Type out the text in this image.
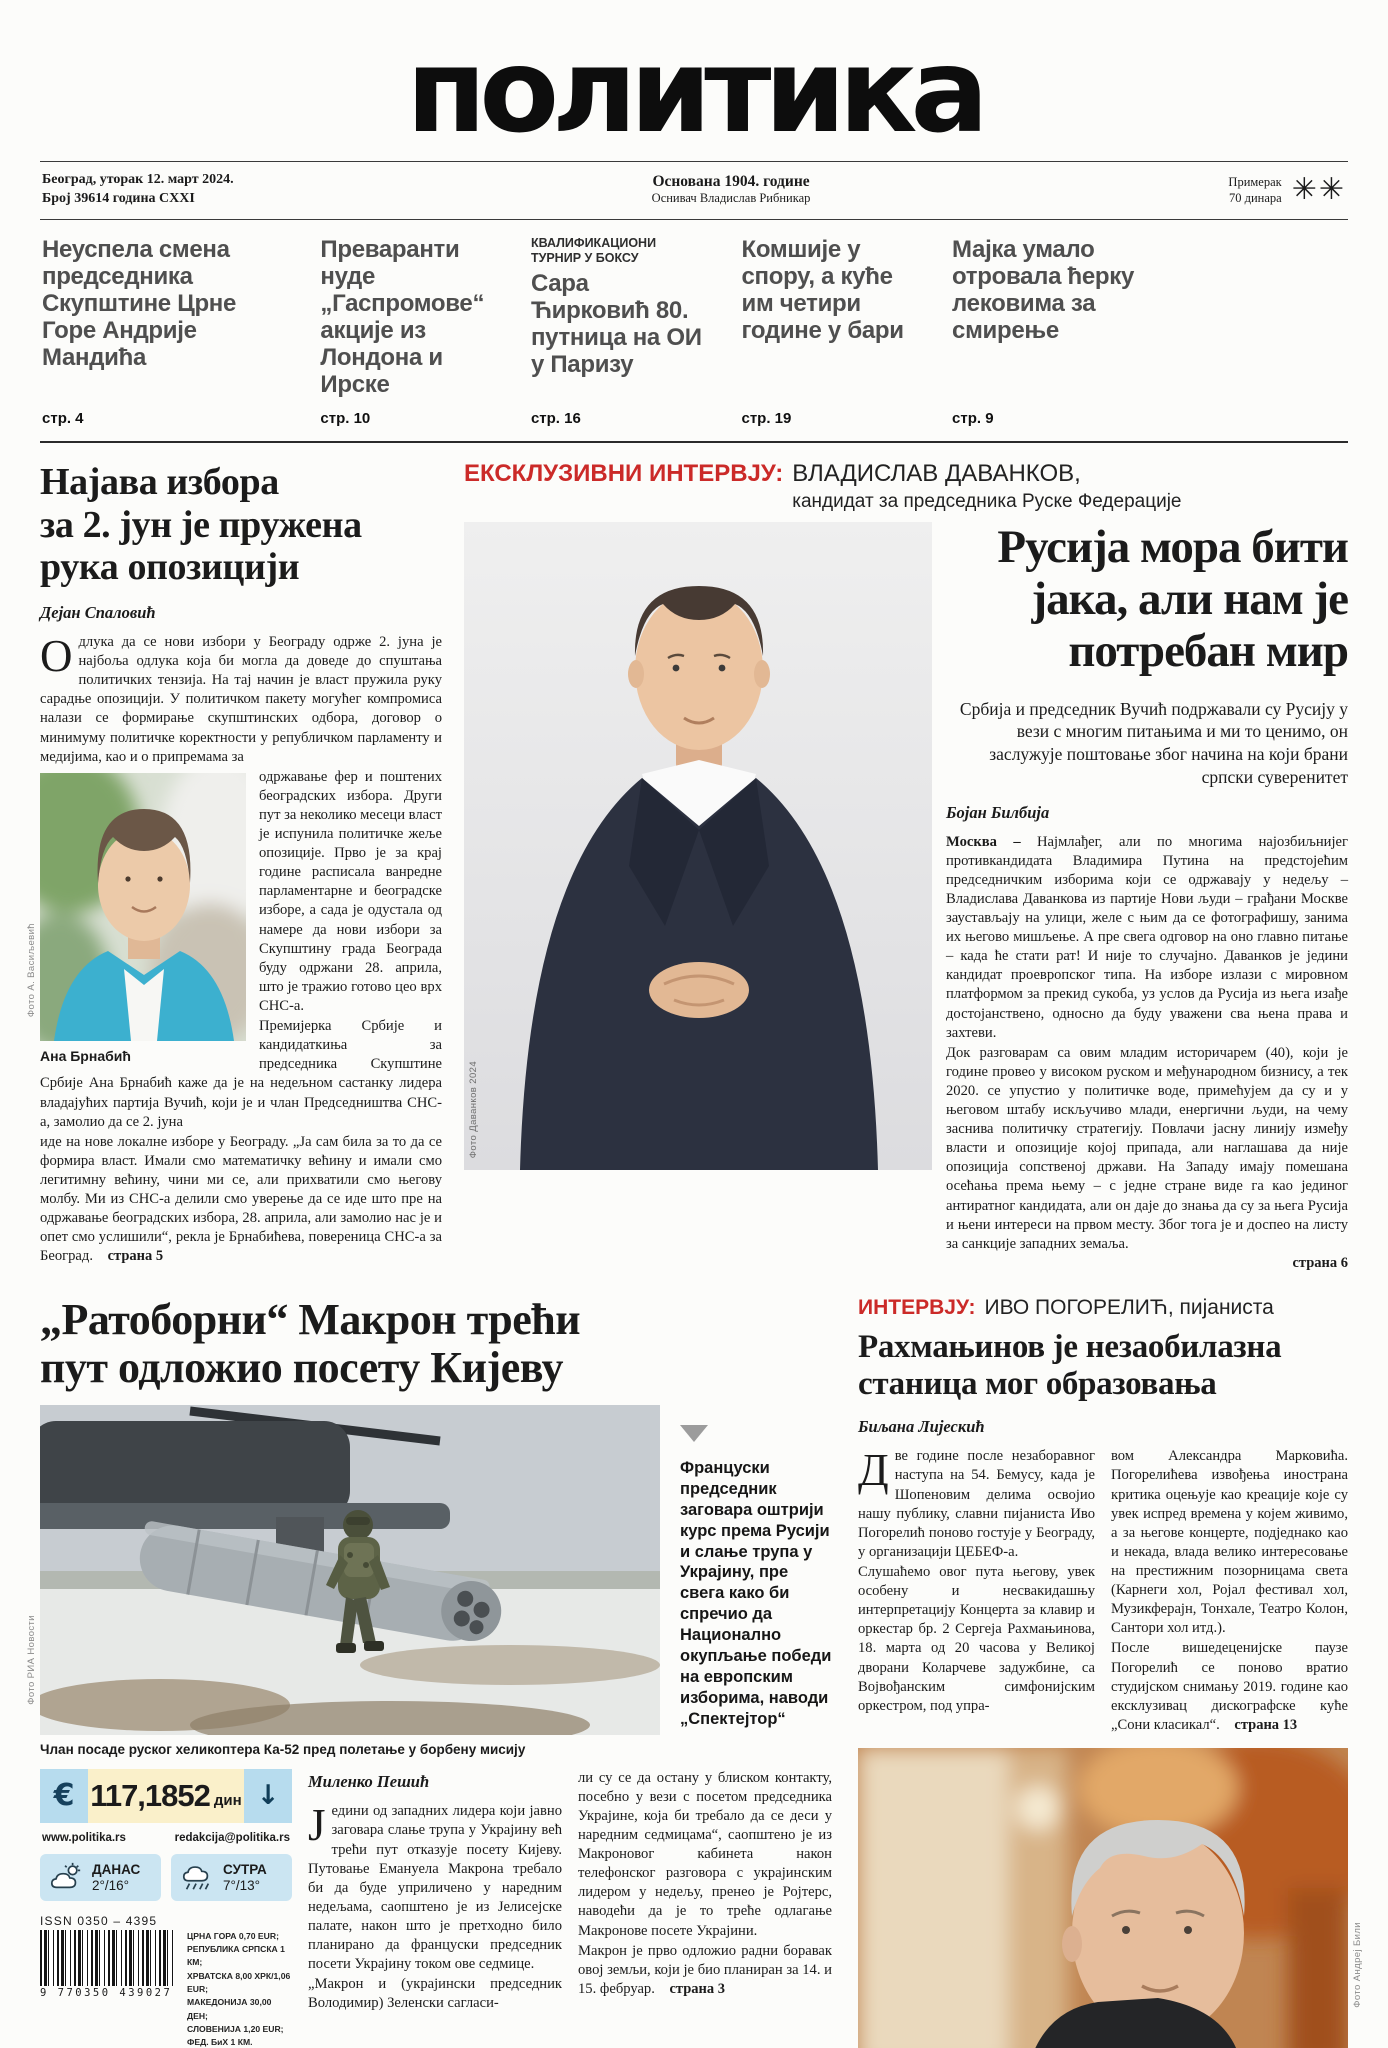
политика
Београд, уторак 12. март 2024.
Број 39614 година CXXI
Основана 1904. године
Оснивач Владислав Рибникар
Примерак
70 динара ✳✳
Неуспела смена председника Скупштине Црне Горе Андрије Мандића
стр. 4
Преваранти нуде „Гаспромове“ акције из Лондона и Ирске
стр. 10
КВАЛИФИКАЦИОНИ ТУРНИР У БОКСУ
Сара Ћирковић 80. путница на ОИ у Паризу
стр. 16
Комшије у спору, а куће им четири године у бари
стр. 19
Мајка умало отровала ћерку лековима за смирење
стр. 9
Најава избора
за 2. јун је пружена
рука опозицији
Дејан Спаловић

Одлука да се нови избори у Београду одрже 2. јуна је најбоља одлука која би могла да доведе до спуштања политичких тензија. На тај начин је власт пружила руку сарадње опозицији. У политичком пакету могућег компромиса налази се формирање скупштинских одбора, договор о минимуму политичке коректности у републичком парламенту и медијима, као и о припремама за

Ана Брнабић
Фото А. Васиљевић

одржавање фер и поштених београдских избора. Други пут за неколико месеци власт је испунила политичке жеље опозиције. Прво је за крај године расписала ванредне парламентарне и београдске изборе, а сада је одустала од намере да нови избори за Скупштину града Београда буду одржани 28. априла, што је тражио готово цео врх СНС-а.

Премијерка Србије и кандидаткиња за председника Скупштине Србије Ана Брнабић каже да је на недељном састанку лидера владајућих партија Вучић, који је и члан Председништва СНС-а, замолио да се 2. јуна

иде на нове локалне изборе у Београду. „Ја сам била за то да се формира власт. Имали смо математичку већину и имали смо легитимну већину, чини ми се, али прихватили смо његову молбу. Ми из СНС-а делили смо уверење да се иде што пре на одржавање београдских избора, 28. априла, али замолио нас је и опет смо услишили“, рекла је Брнабићева, повереница СНС-а за Београд.  страна 5

ЕКСКЛУЗИВНИ ИНТЕРВЈУ: ВЛАДИСЛАВ ДАВАНКОВ,
кандидат за председника Руске Федерације
Фото Даванков 2024
Русија мора бити
јака, али нам је
потребан мир
Србија и председник Вучић подржавали су Русију у вези с многим питањима и ми то ценимо, он заслужује поштовање због начина на који брани српски суверенитет
Бојан Билбија

Москва – Најмлађег, али по многима најозбиљнијег противкандидата Владимира Путина на предстојећим председничким изборима који се одржавају у недељу – Владислава Даванкова из партије Нови људи – грађани Москве заустављају на улици, желе с њим да се фотографишу, занима их његово мишљење. А пре свега одговор на оно главно питање – када ће стати рат! И није то случајно. Даванков је једини кандидат проевропског типа. На изборе излази с мировном платформом за прекид сукоба, уз услов да Русија из њега изађе достојанствено, односно да буду уважени сва њена права и захтеви.

Док разговарам са овим младим историчарем (40), који је године провео у високом руском и међународном бизнису, а тек 2020. се упустио у политичке воде, примећујем да су и у његовом штабу искључиво млади, енергични људи, на чему заснива политичку стратегију. Повлачи јасну линију између власти и опозиције којој припада, али наглашава да није опозиција сопственој држави. На Западу имају помешана осећања према њему – с једне стране виде га као јединог антиратног кандидата, али он даје до знања да су за њега Русија и њени интереси на првом месту. Због тога је и доспео на листу за санкције западних земаља.

страна 6
„Ратоборни“ Макрон трећи
пут одложио посету Кијеву
Фото РИА Новости
Француски председник заговара оштрији курс према Русији и слање трупа у Украјину, пре свега како би спречио да Национално окупљање победи на европским изборима, наводи „Спектејтор“
Члан посаде руског хеликоптера Ка-52 пред полетање у борбену мисију
€ 117,1852 дин ↓
www.politika.rs	redakcija@politika.rs
ДАНАС
2°/16°
СУТРА
7°/13°
ISSN 0350 – 4395
9 770350 439027
ЦРНА ГОРА 0,70 EUR;
РЕПУБЛИКА СРПСКА 1 КМ;
ХРВАТСКА 8,00 ХРК/1,06 EUR;
МАКЕДОНИЈА 30,00 ДЕН;
СЛОВЕНИЈА 1,20 EUR;
ФЕД. БиХ 1 КМ.
Миленко Пешић

Једини од западних лидера који јавно заговара слање трупа у Украјину већ трећи пут отказује посету Кијеву. Путовање Емануела Макрона требало би да буде уприличено у наредним недељама, саопштено је из Јелисејске палате, након што је претходно било планирано да француски председник посети Украјину током ове седмице.

„Макрон и (украјински председник Володимир) Зеленски сагласи-

ли су се да остану у блиском контакту, посебно у вези с посетом председника Украјине, која би требало да се деси у наредним седмицама“, саопштено је из Макроновог кабинета након телефонског разговора с украјинским лидером у недељу, пренео је Ројтерс, наводећи да је то треће одлагање Макронове посете Украјини.

Макрон је прво одложио радни боравак овој земљи, који је био планиран за 14. и 15. фебруар.  страна 3

ИНТЕРВЈУ: ИВО ПОГОРЕЛИЋ, пијаниста
Рахмањинов је незаобилазна
станица мог образовања
Биљана Лијескић

Две године после незаборавног наступа на 54. Бемусу, када је Шопеновим делима освојио нашу публику, славни пијаниста Иво Погорелић поново гостује у Београду, у организацији ЦЕБЕФ-а.

Слушаћемо овог пута његову, увек особену и несвакидашњу интерпретацију Концерта за клавир и оркестар бр. 2 Сергеја Рахмањинова, 18. марта од 20 часова у Великој дворани Коларчеве задужбине, са Војвођанским симфонијским оркестром, под упра-

вом Александра Марковића. Погорелићева извођења инострана критика оцењује као креације које су увек испред времена у којем живимо, а за његове концерте, подједнако као и некада, влада велико интересовање на престижним позорницама света (Карнеги хол, Ројал фестивал хол, Музикферајн, Тонхале, Театро Колон, Сантори хол итд.).

После вишедеценијске паузе Погорелић се поново вратио студијском снимању 2019. године као ексклузивац дискографске куће „Сони класикал“.  страна 13

Фото Андреј Били
